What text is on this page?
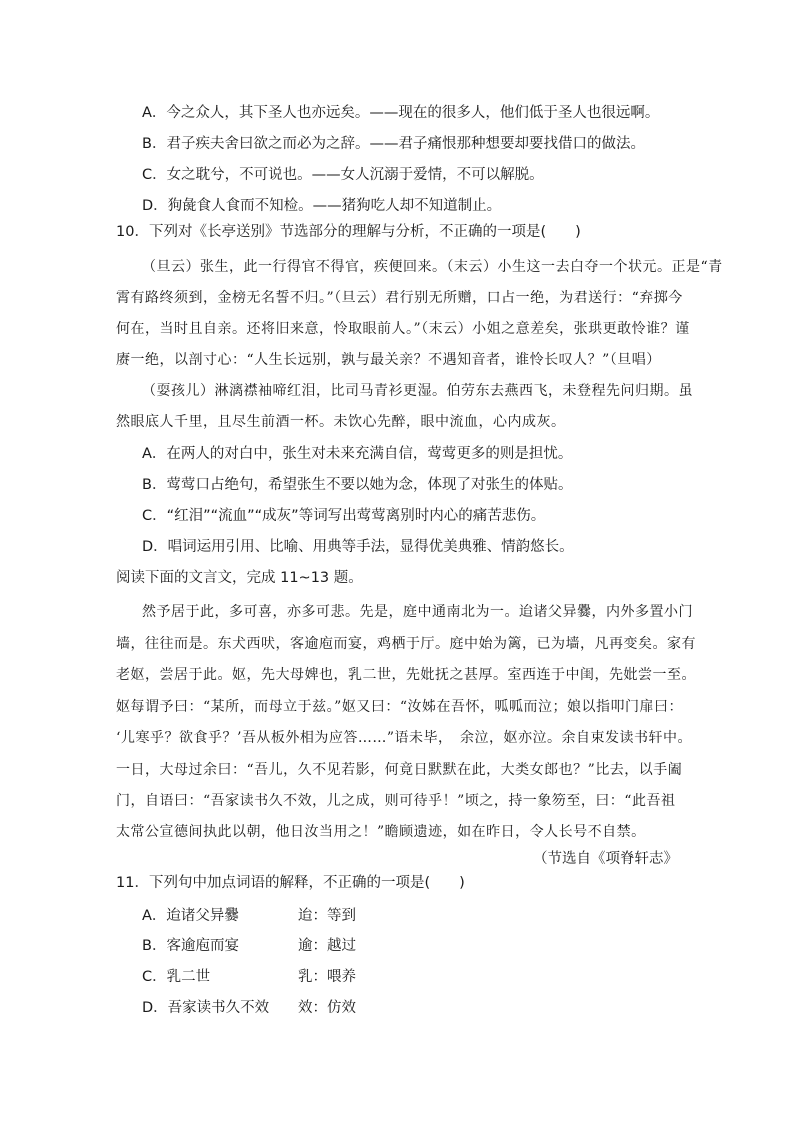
A．今之众人，其下圣人也亦远矣。——现在的很多人，他们低于圣人也很远啊。
B．君子疾夫舍曰欲之而必为之辞。——君子痛恨那种想要却要找借口的做法。
C．女之耽兮，不可说也。——女人沉溺于爱情，不可以解脱。
D．狗彘食人食而不知检。——猪狗吃人却不知道制止。
10．下列对《长亭送别》节选部分的理解与分析，不正确的一项是(　　)
（旦云）张生，此一行得官不得官，疾便回来。（末云）小生这一去白夺一个状元。正是“青
霄有路终须到，金榜无名誓不归。”（旦云）君行别无所赠，口占一绝，为君送行：“弃掷今
何在，当时且自亲。还将旧来意，怜取眼前人。”（末云）小姐之意差矣，张珙更敢怜谁？谨
赓一绝，以剖寸心：“人生长远别，孰与最关亲？不遇知音者，谁怜长叹人？”（旦唱）
（耍孩儿）淋漓襟袖啼红泪，比司马青衫更湿。伯劳东去燕西飞，未登程先问归期。虽
然眼底人千里，且尽生前酒一杯。未饮心先醉，眼中流血，心内成灰。
A．在两人的对白中，张生对未来充满自信，莺莺更多的则是担忧。
B．莺莺口占绝句，希望张生不要以她为念，体现了对张生的体贴。
C．“红泪”“流血”“成灰”等词写出莺莺离别时内心的痛苦悲伤。
D．唱词运用引用、比喻、用典等手法，显得优美典雅、情韵悠长。
阅读下面的文言文，完成 11~13 题。
然予居于此，多可喜，亦多可悲。先是，庭中通南北为一。迨诸父异爨，内外多置小门
墙，往往而是。东犬西吠，客逾庖而宴，鸡栖于厅。庭中始为篱，已为墙，凡再变矣。家有
老妪，尝居于此。妪，先大母婢也，乳二世，先妣抚之甚厚。室西连于中闺，先妣尝一至。
妪每谓予曰：“某所，而母立于兹。”妪又曰：“汝姊在吾怀，呱呱而泣；娘以指叩门扉曰：
‘儿寒乎？欲食乎？’吾从板外相为应答……”语未毕，　余泣，妪亦泣。余自束发读书轩中。
一日，大母过余曰：“吾儿，久不见若影，何竟日默默在此，大类女郎也？”比去，以手阖
门，自语曰：“吾家读书久不效，儿之成，则可待乎！”顷之，持一象笏至，曰：“此吾祖
太常公宣德间执此以朝，他日汝当用之！”瞻顾遗迹，如在昨日，令人长号不自禁。
（节选自《项脊轩志》
11．下列句中加点词语的解释，不正确的一项是(　　)
A．迨诸父异爨	迨：等到
B．客逾庖而宴	逾：越过
C．乳二世	乳：喂养
D．吾家读书久不效 效：仿效
